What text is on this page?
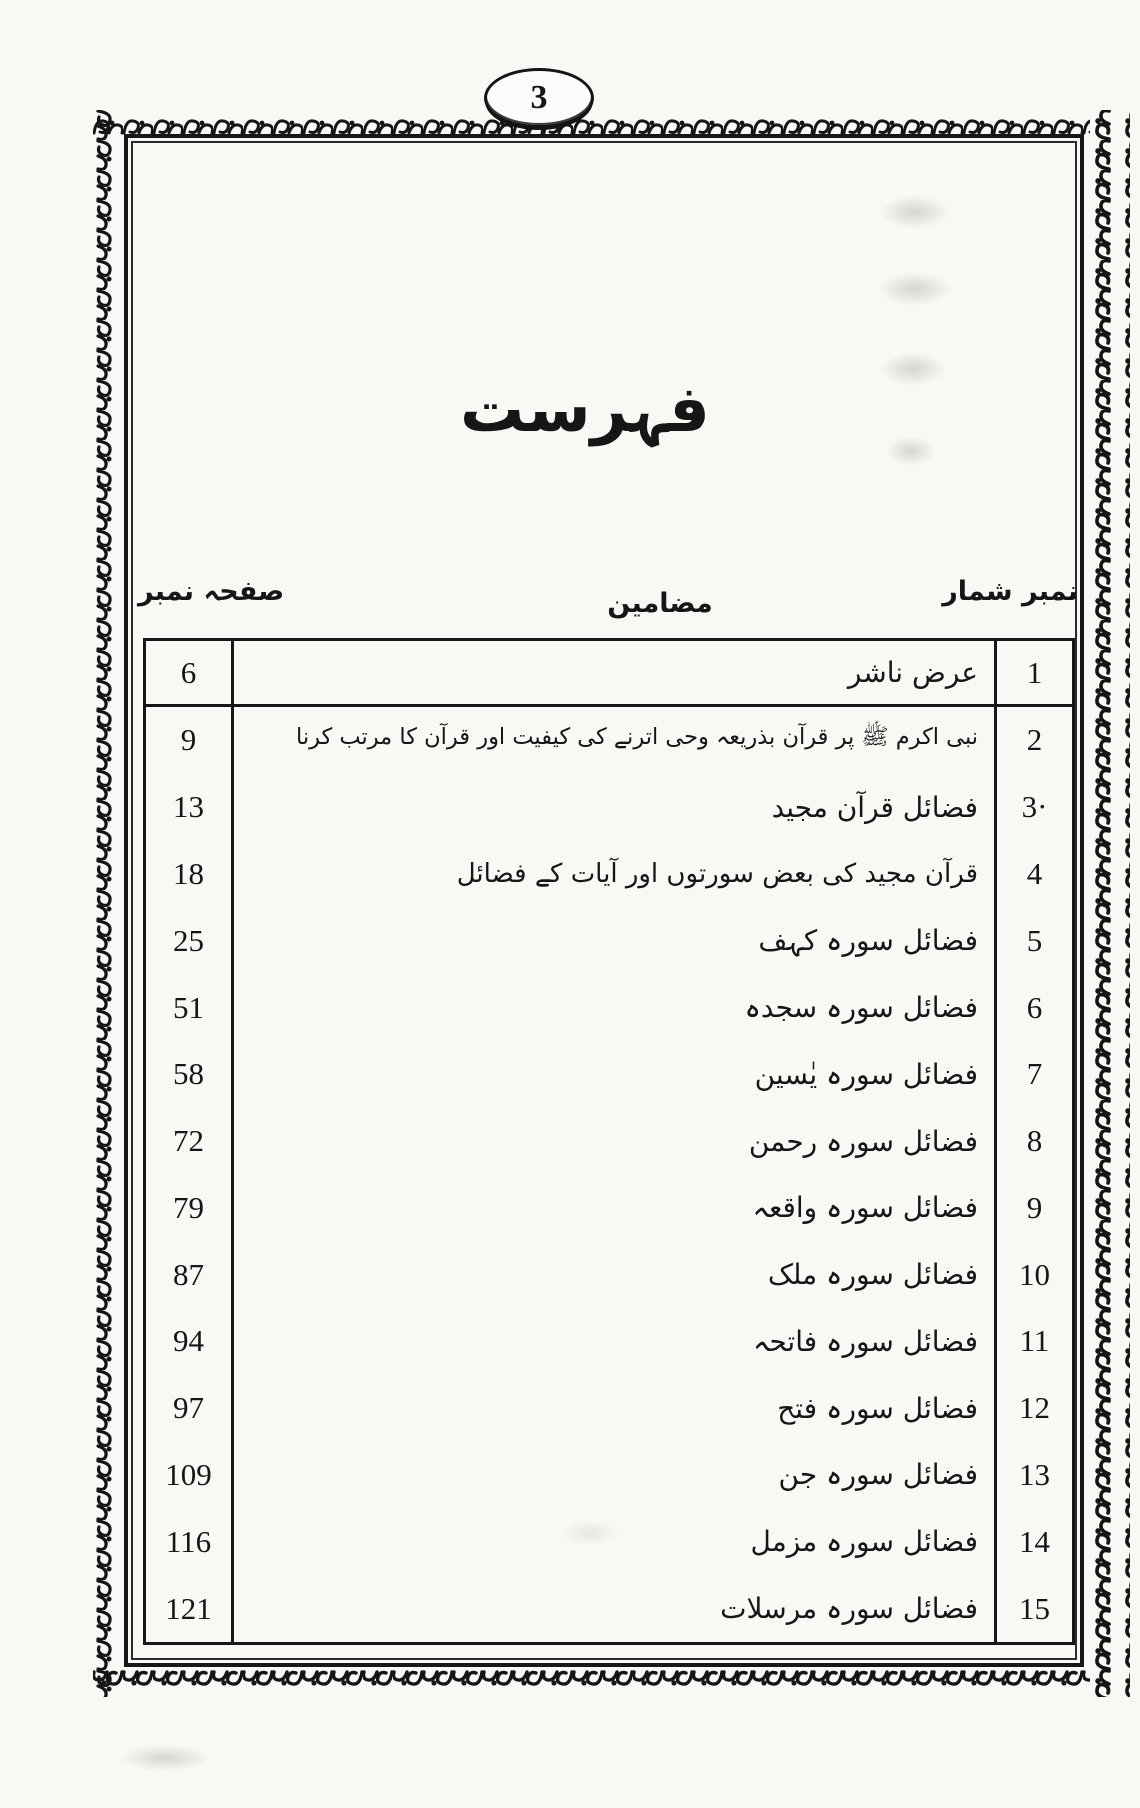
3
فہرست
صفحہ نمبر	مضامین	نمبر شمار
6	عرض ناشر	1
9	نبی اکرم ﷺ پر قرآن بذریعہ وحی اترنے کی کیفیت اور قرآن کا مرتب کرنا	2
13	فضائل قرآن مجید	3·
18	قرآن مجید کی بعض سورتوں اور آیات کے فضائل	4
25	فضائل سورہ کہف	5
51	فضائل سورہ سجدہ	6
58	فضائل سورہ یٰسین	7
72	فضائل سورہ رحمن	8
79	فضائل سورہ واقعہ	9
87	فضائل سورہ ملک	10
94	فضائل سورہ فاتحہ	11
97	فضائل سورہ فتح	12
109	فضائل سورہ جن	13
116	فضائل سورہ مزمل	14
121	فضائل سورہ مرسلات	15
